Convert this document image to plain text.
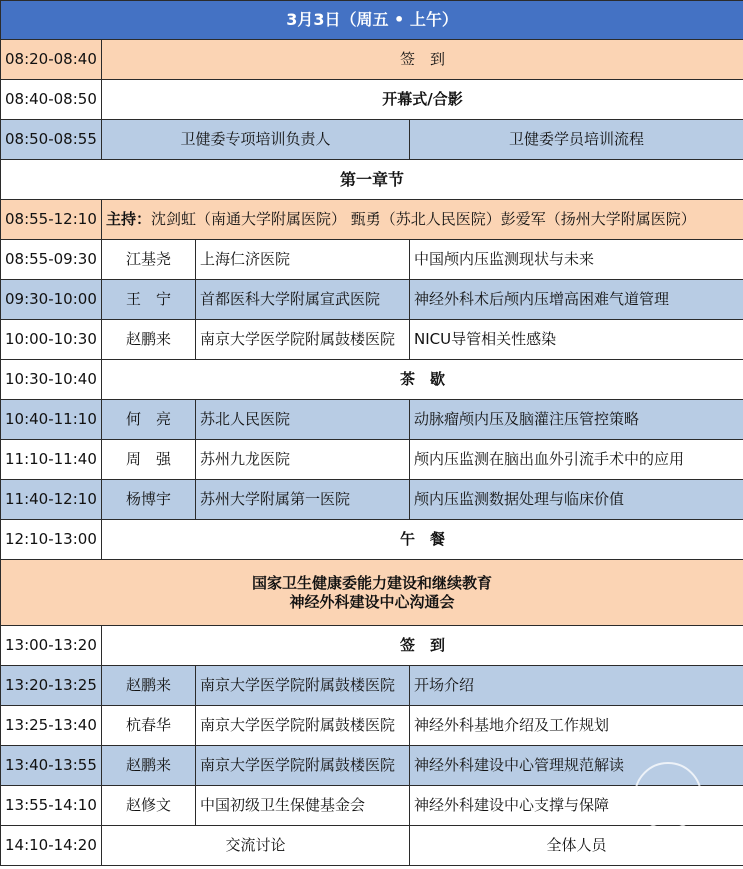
3月3日（周五 • 上午）			
08:20-08:40	签　到		
08:40-08:50	开幕式/合影		
08:50-08:55	卫健委专项培训负责人		卫健委学员培训流程
第一章节			
08:55-12:10	主持：沈剑虹（南通大学附属医院） 甄勇（苏北人民医院）彭爱军（扬州大学附属医院）		
08:55-09:30	江基尧	上海仁济医院	中国颅内压监测现状与未来
09:30-10:00	王　宁	首都医科大学附属宣武医院	神经外科术后颅内压增高困难气道管理
10:00-10:30	赵鹏来	南京大学医学院附属鼓楼医院	NICU导管相关性感染
10:30-10:40	茶　歇		
10:40-11:10	何　亮	苏北人民医院	动脉瘤颅内压及脑灌注压管控策略
11:10-11:40	周　强	苏州九龙医院	颅内压监测在脑出血外引流手术中的应用
11:40-12:10	杨博宇	苏州大学附属第一医院	颅内压监测数据处理与临床价值
12:10-13:00	午　餐		

国家卫生健康委能力建设和继续教育
神经外科建设中心沟通会			

13:00-13:20	签　到		
13:20-13:25	赵鹏来	南京大学医学院附属鼓楼医院	开场介绍
13:25-13:40	杭春华	南京大学医学院附属鼓楼医院	神经外科基地介绍及工作规划
13:40-13:55	赵鹏来	南京大学医学院附属鼓楼医院	神经外科建设中心管理规范解读
13:55-14:10	赵修文	中国初级卫生保健基金会	神经外科建设中心支撑与保障
14:10-14:20	交流讨论		全体人员
